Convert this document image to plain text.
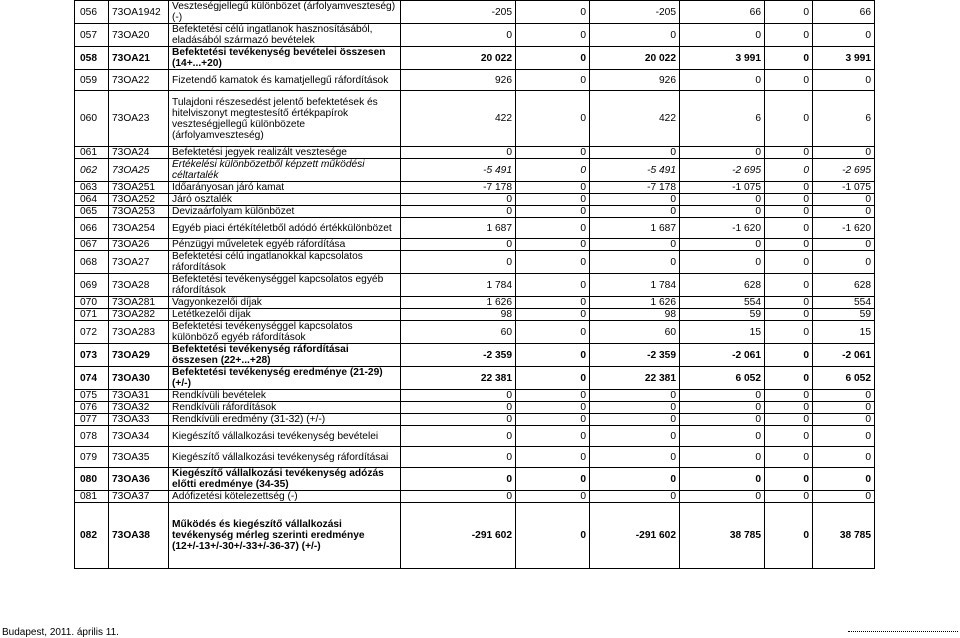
056	73OA1942	Veszteségjellegű különbözet (árfolyamveszteség) (-)	-205	0	-205	66	0	66
057	73OA20	Befektetési célú ingatlanok hasznosításából, eladásából származó bevételek	0	0	0	0	0	0
058	73OA21	Befektetési tevékenység bevételei összesen (14+...+20)	20 022	0	20 022	3 991	0	3 991
059	73OA22	Fizetendő kamatok és kamatjellegű ráfordítások	926	0	926	0	0	0
060	73OA23	Tulajdoni részesedést jelentő befektetések és hitelviszonyt megtestesítő értékpapírok veszteségjellegű különbözete (árfolyamveszteség)	422	0	422	6	0	6
061	73OA24	Befektetési jegyek realizált vesztesége	0	0	0	0	0	0
062	73OA25	Értékelési különbözetből képzett működési céltartalék	-5 491	0	-5 491	-2 695	0	-2 695
063	73OA251	Időarányosan járó kamat	-7 178	0	-7 178	-1 075	0	-1 075
064	73OA252	Járó osztalék	0	0	0	0	0	0
065	73OA253	Devizaárfolyam különbözet	0	0	0	0	0	0
066	73OA254	Egyéb piaci értékítéletből adódó értékkülönbözet	1 687	0	1 687	-1 620	0	-1 620
067	73OA26	Pénzügyi műveletek egyéb ráfordítása	0	0	0	0	0	0
068	73OA27	Befektetési célú ingatlanokkal kapcsolatos ráfordítások	0	0	0	0	0	0
069	73OA28	Befektetési tevékenységgel kapcsolatos egyéb ráfordítások	1 784	0	1 784	628	0	628
070	73OA281	Vagyonkezelői díjak	1 626	0	1 626	554	0	554
071	73OA282	Letétkezelői díjak	98	0	98	59	0	59
072	73OA283	Befektetési tevékenységgel kapcsolatos különböző egyéb ráfordítások	60	0	60	15	0	15
073	73OA29	Befektetési tevékenység ráfordításai összesen (22+...+28)	-2 359	0	-2 359	-2 061	0	-2 061
074	73OA30	Befektetési tevékenység eredménye (21-29) (+/-)	22 381	0	22 381	6 052	0	6 052
075	73OA31	Rendkívüli bevételek	0	0	0	0	0	0
076	73OA32	Rendkívüli ráfordítások	0	0	0	0	0	0
077	73OA33	Rendkívüli eredmény (31-32) (+/-)	0	0	0	0	0	0
078	73OA34	Kiegészítő vállalkozási tevékenység bevételei	0	0	0	0	0	0
079	73OA35	Kiegészítő vállalkozási tevékenység ráfordításai	0	0	0	0	0	0
080	73OA36	Kiegészítő vállalkozási tevékenység adózás előtti eredménye (34-35)	0	0	0	0	0	0
081	73OA37	Adófizetési kötelezettség (-)	0	0	0	0	0	0
082	73OA38	Működés és kiegészítő vállalkozási tevékenység mérleg szerinti eredménye (12+/-13+/-30+/-33+/-36-37) (+/-)	-291 602	0	-291 602	38 785	0	38 785
Budapest, 2011. április 11.
